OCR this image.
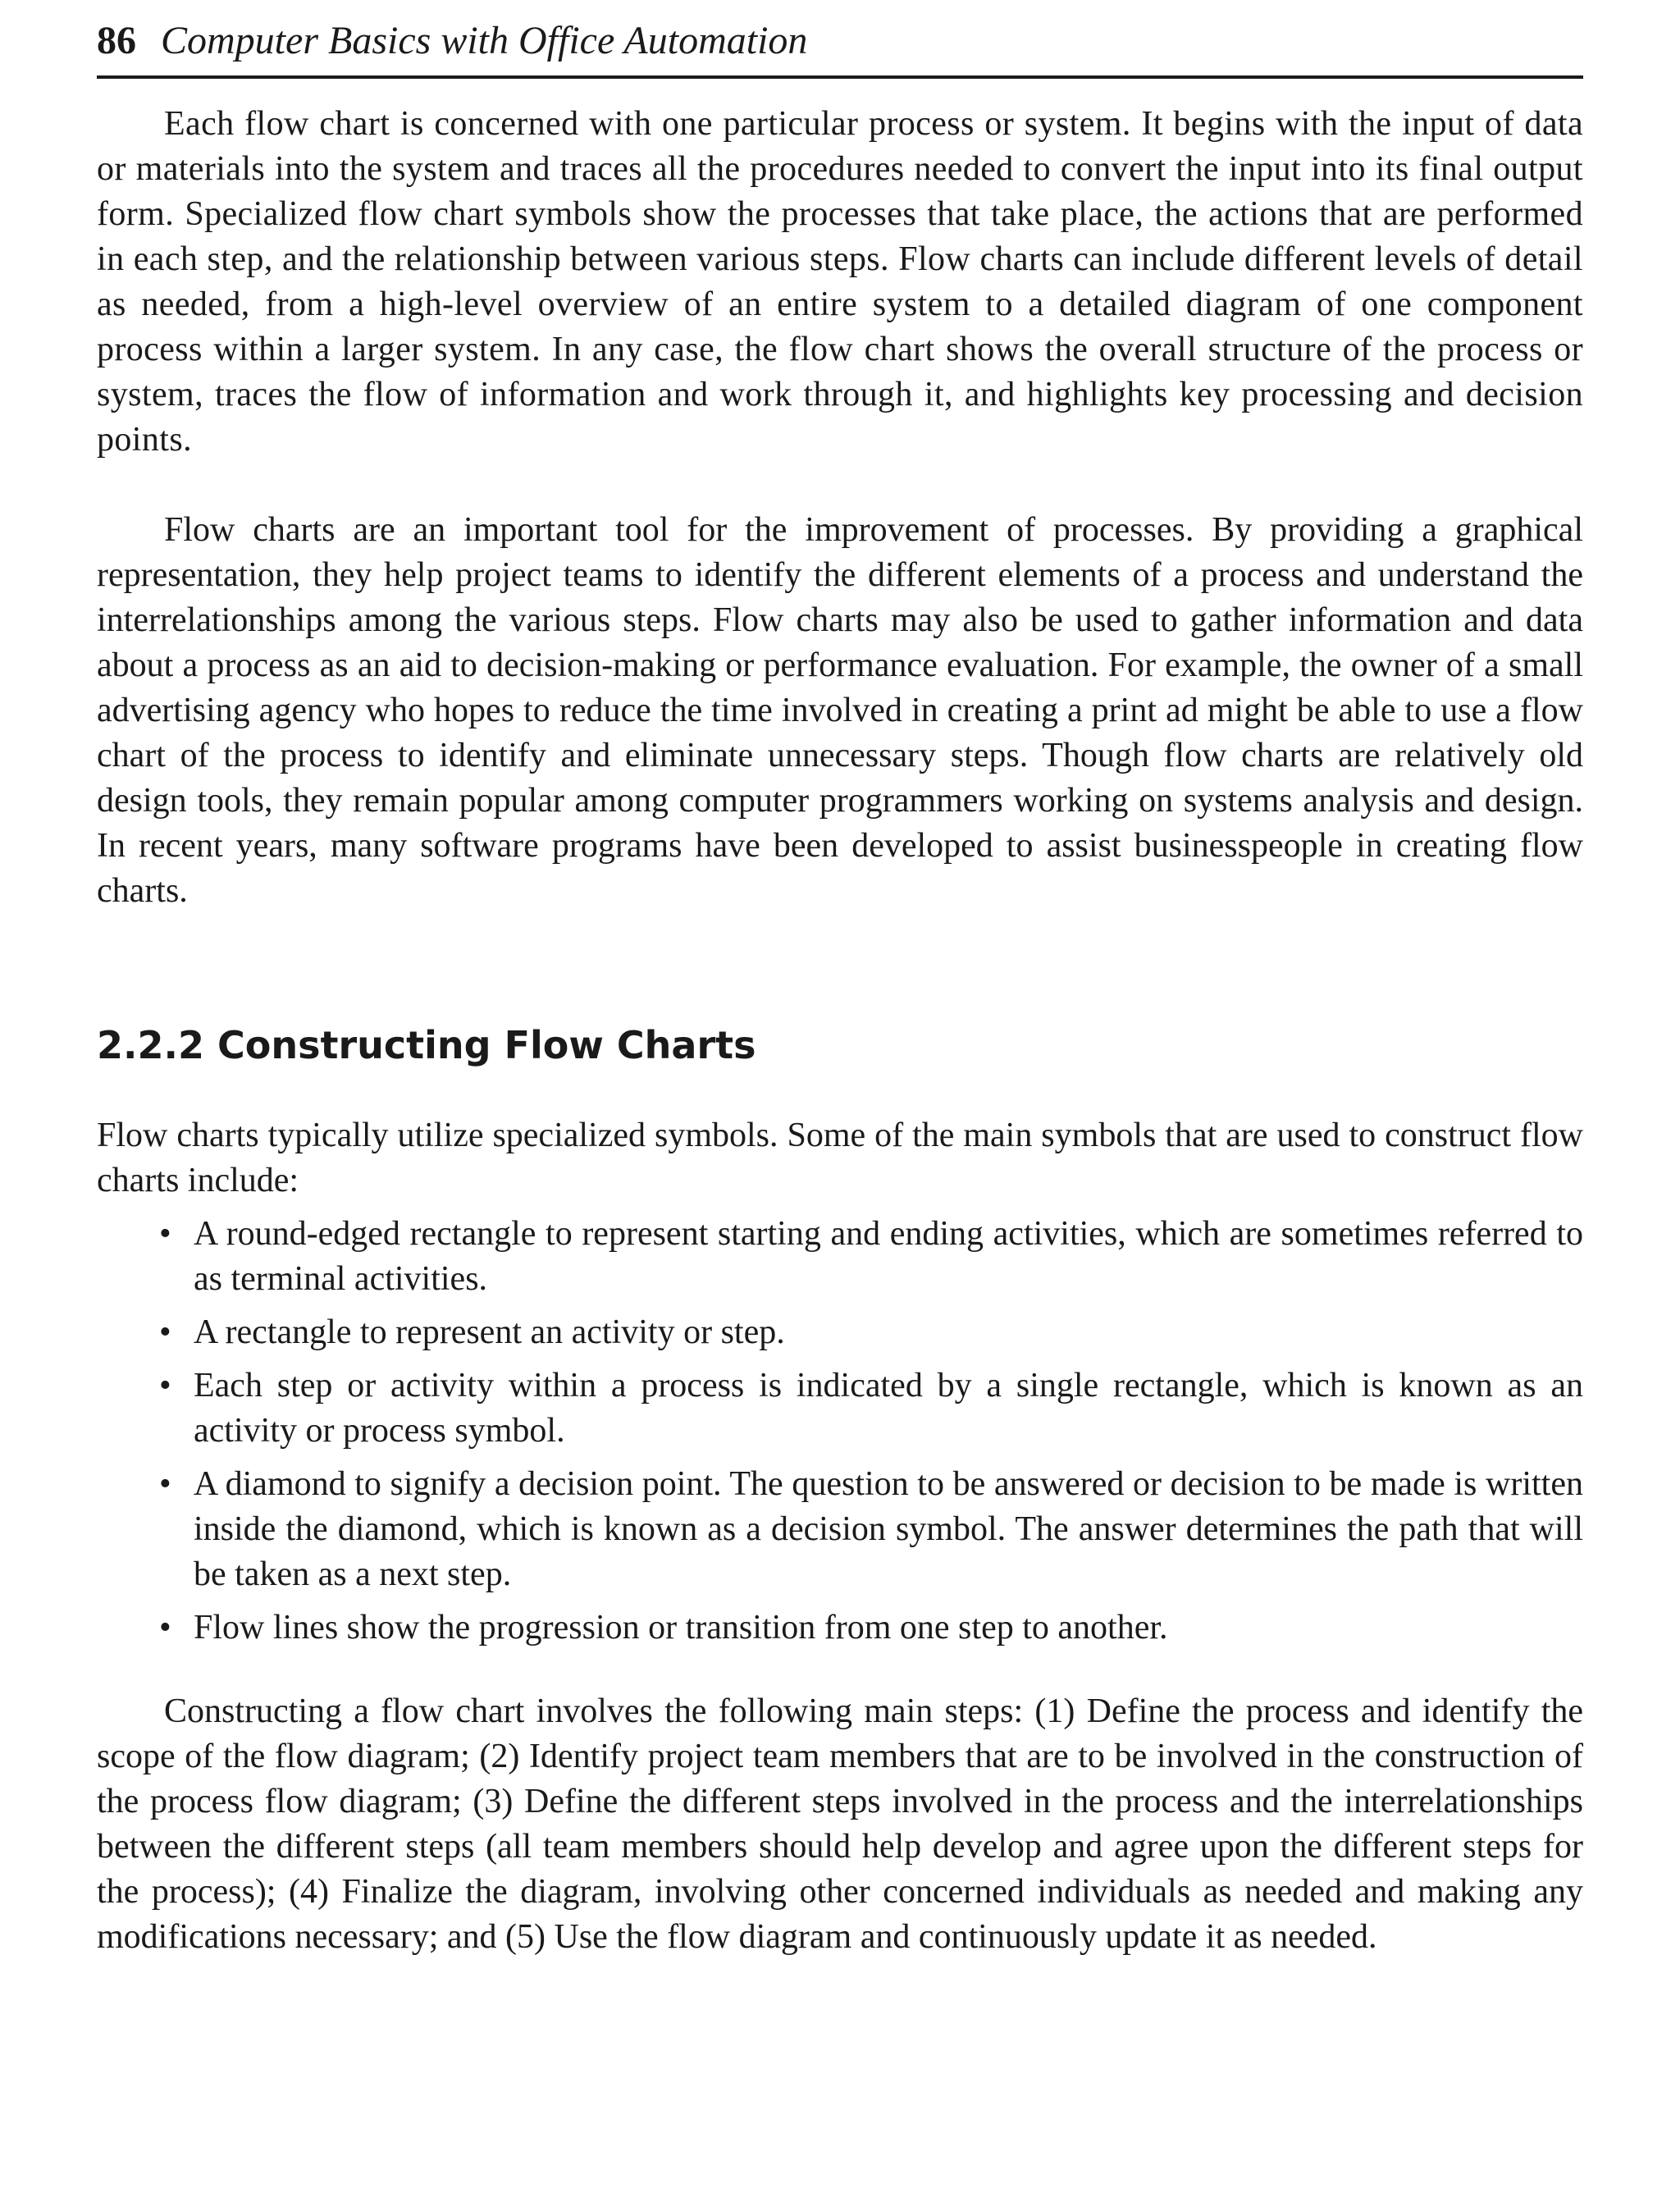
86 Computer Basics with Office Automation

Each flow chart is concerned with one particular process or system. It begins with the input of data or materials into the system and traces all the procedures needed to convert the input into its final output form. Specialized flow chart symbols show the processes that take place, the actions that are performed in each step, and the relationship between various steps. Flow charts can include different levels of detail as needed, from a high-level overview of an entire system to a detailed diagram of one component process within a larger system. In any case, the flow chart shows the overall structure of the process or system, traces the flow of information and work through it, and highlights key processing and decision points.

Flow charts are an important tool for the improvement of processes. By providing a graphical representation, they help project teams to identify the different elements of a process and understand the interrelationships among the various steps. Flow charts may also be used to gather information and data about a process as an aid to decision-making or performance evaluation. For example, the owner of a small advertising agency who hopes to reduce the time involved in creating a print ad might be able to use a flow chart of the process to identify and eliminate unnecessary steps. Though flow charts are relatively old design tools, they remain popular among computer programmers working on systems analysis and design. In recent years, many software programs have been developed to assist businesspeople in creating flow charts.

2.2.2 Constructing Flow Charts

Flow charts typically utilize specialized symbols. Some of the main symbols that are used to construct flow charts include:

• A round-edged rectangle to represent starting and ending activities, which are sometimes referred to as terminal activities.
• A rectangle to represent an activity or step.
• Each step or activity within a process is indicated by a single rectangle, which is known as an activity or process symbol.
• A diamond to signify a decision point. The question to be answered or decision to be made is written inside the diamond, which is known as a decision symbol. The answer determines the path that will be taken as a next step.
• Flow lines show the progression or transition from one step to another.

Constructing a flow chart involves the following main steps: (1) Define the process and identify the scope of the flow diagram; (2) Identify project team members that are to be involved in the construction of the process flow diagram; (3) Define the different steps involved in the process and the interrelationships between the different steps (all team members should help develop and agree upon the different steps for the process); (4) Finalize the diagram, involving other concerned individuals as needed and making any modifications necessary; and (5) Use the flow diagram and continuously update it as needed.
